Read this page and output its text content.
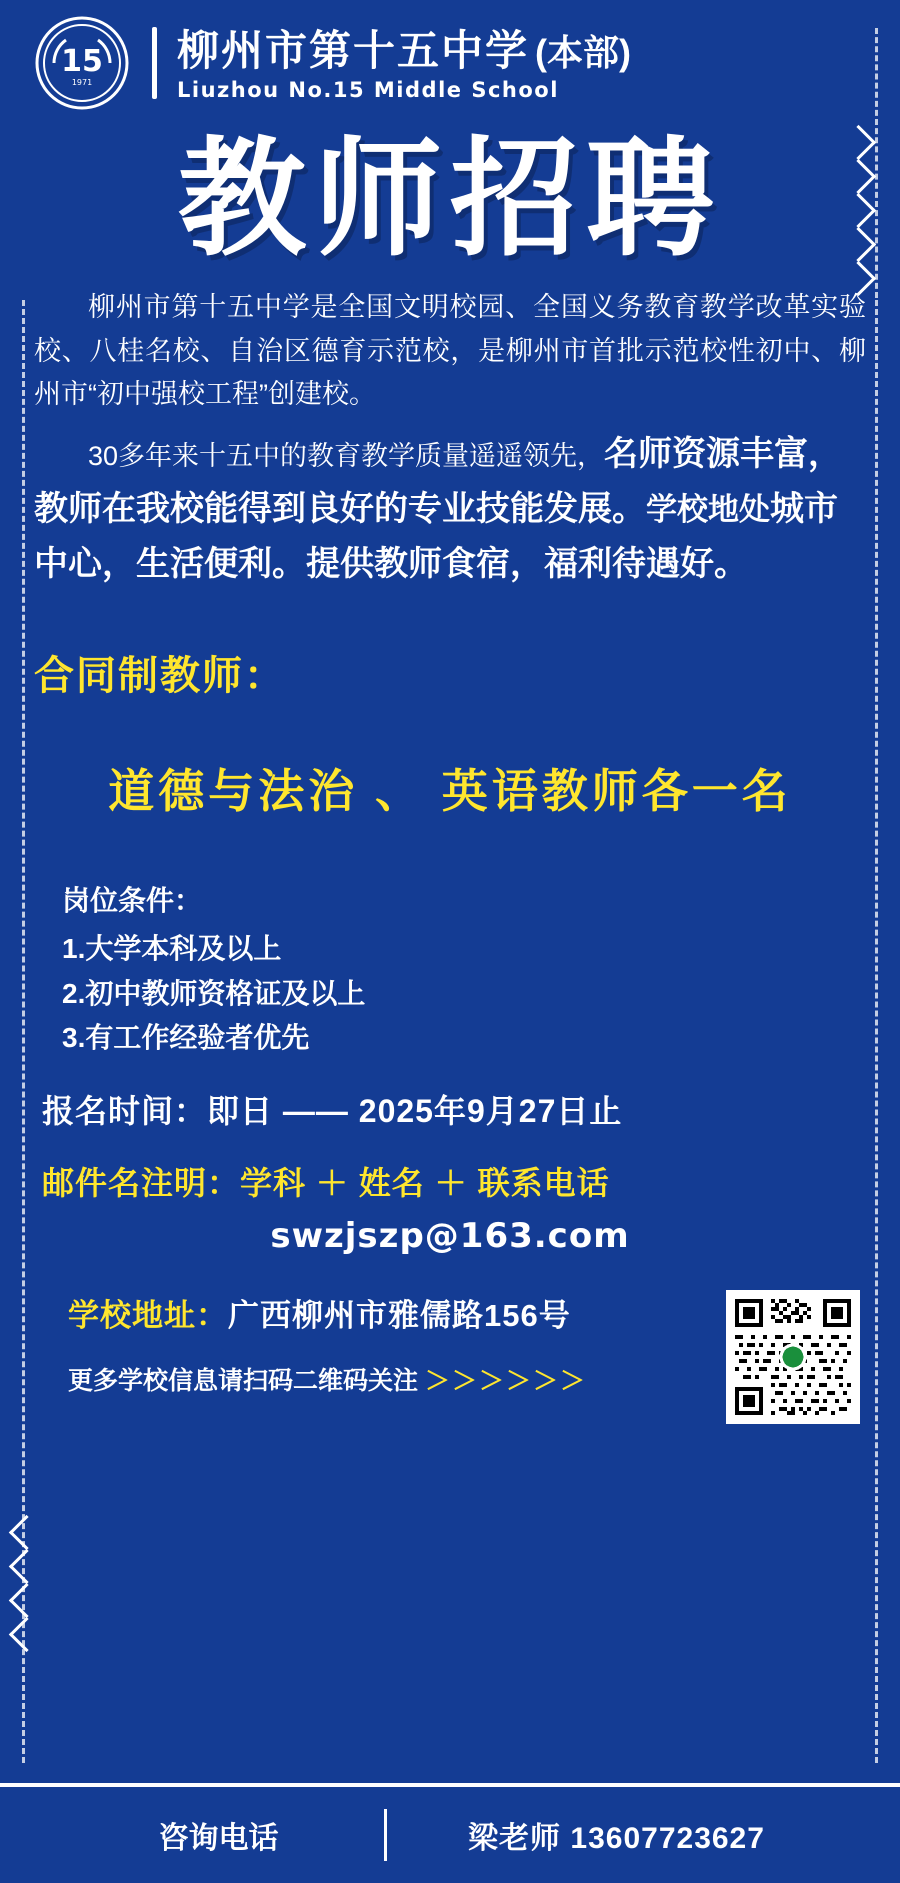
15
1971
柳州市第十五中学 (本部)
Liuzhou No.15 Middle School
教师招聘

柳州市第十五中学是全国文明校园、全国义务教育教学改革实验校、八桂名校、自治区德育示范校，是柳州市首批示范校性初中、柳州市“初中强校工程”创建校。

30多年来十五中的教育教学质量遥遥领先，名师资源丰富，教师在我校能得到良好的专业技能发展。学校地处城市中心，生活便利。提供教师食宿，福利待遇好。

合同制教师：
道德与法治 、 英语教师各一名
岗位条件：
1.大学本科及以上
2.初中教师资格证及以上
3.有工作经验者优先
报名时间：即日 —— 2025年9月27日止
邮件名注明：学科 ＋ 姓名 ＋ 联系电话
swzjszp@163.com
学校地址：广西柳州市雅儒路156号
更多学校信息请扫码二维码关注 ＞＞＞＞＞＞
咨询电话	梁老师 13607723627
